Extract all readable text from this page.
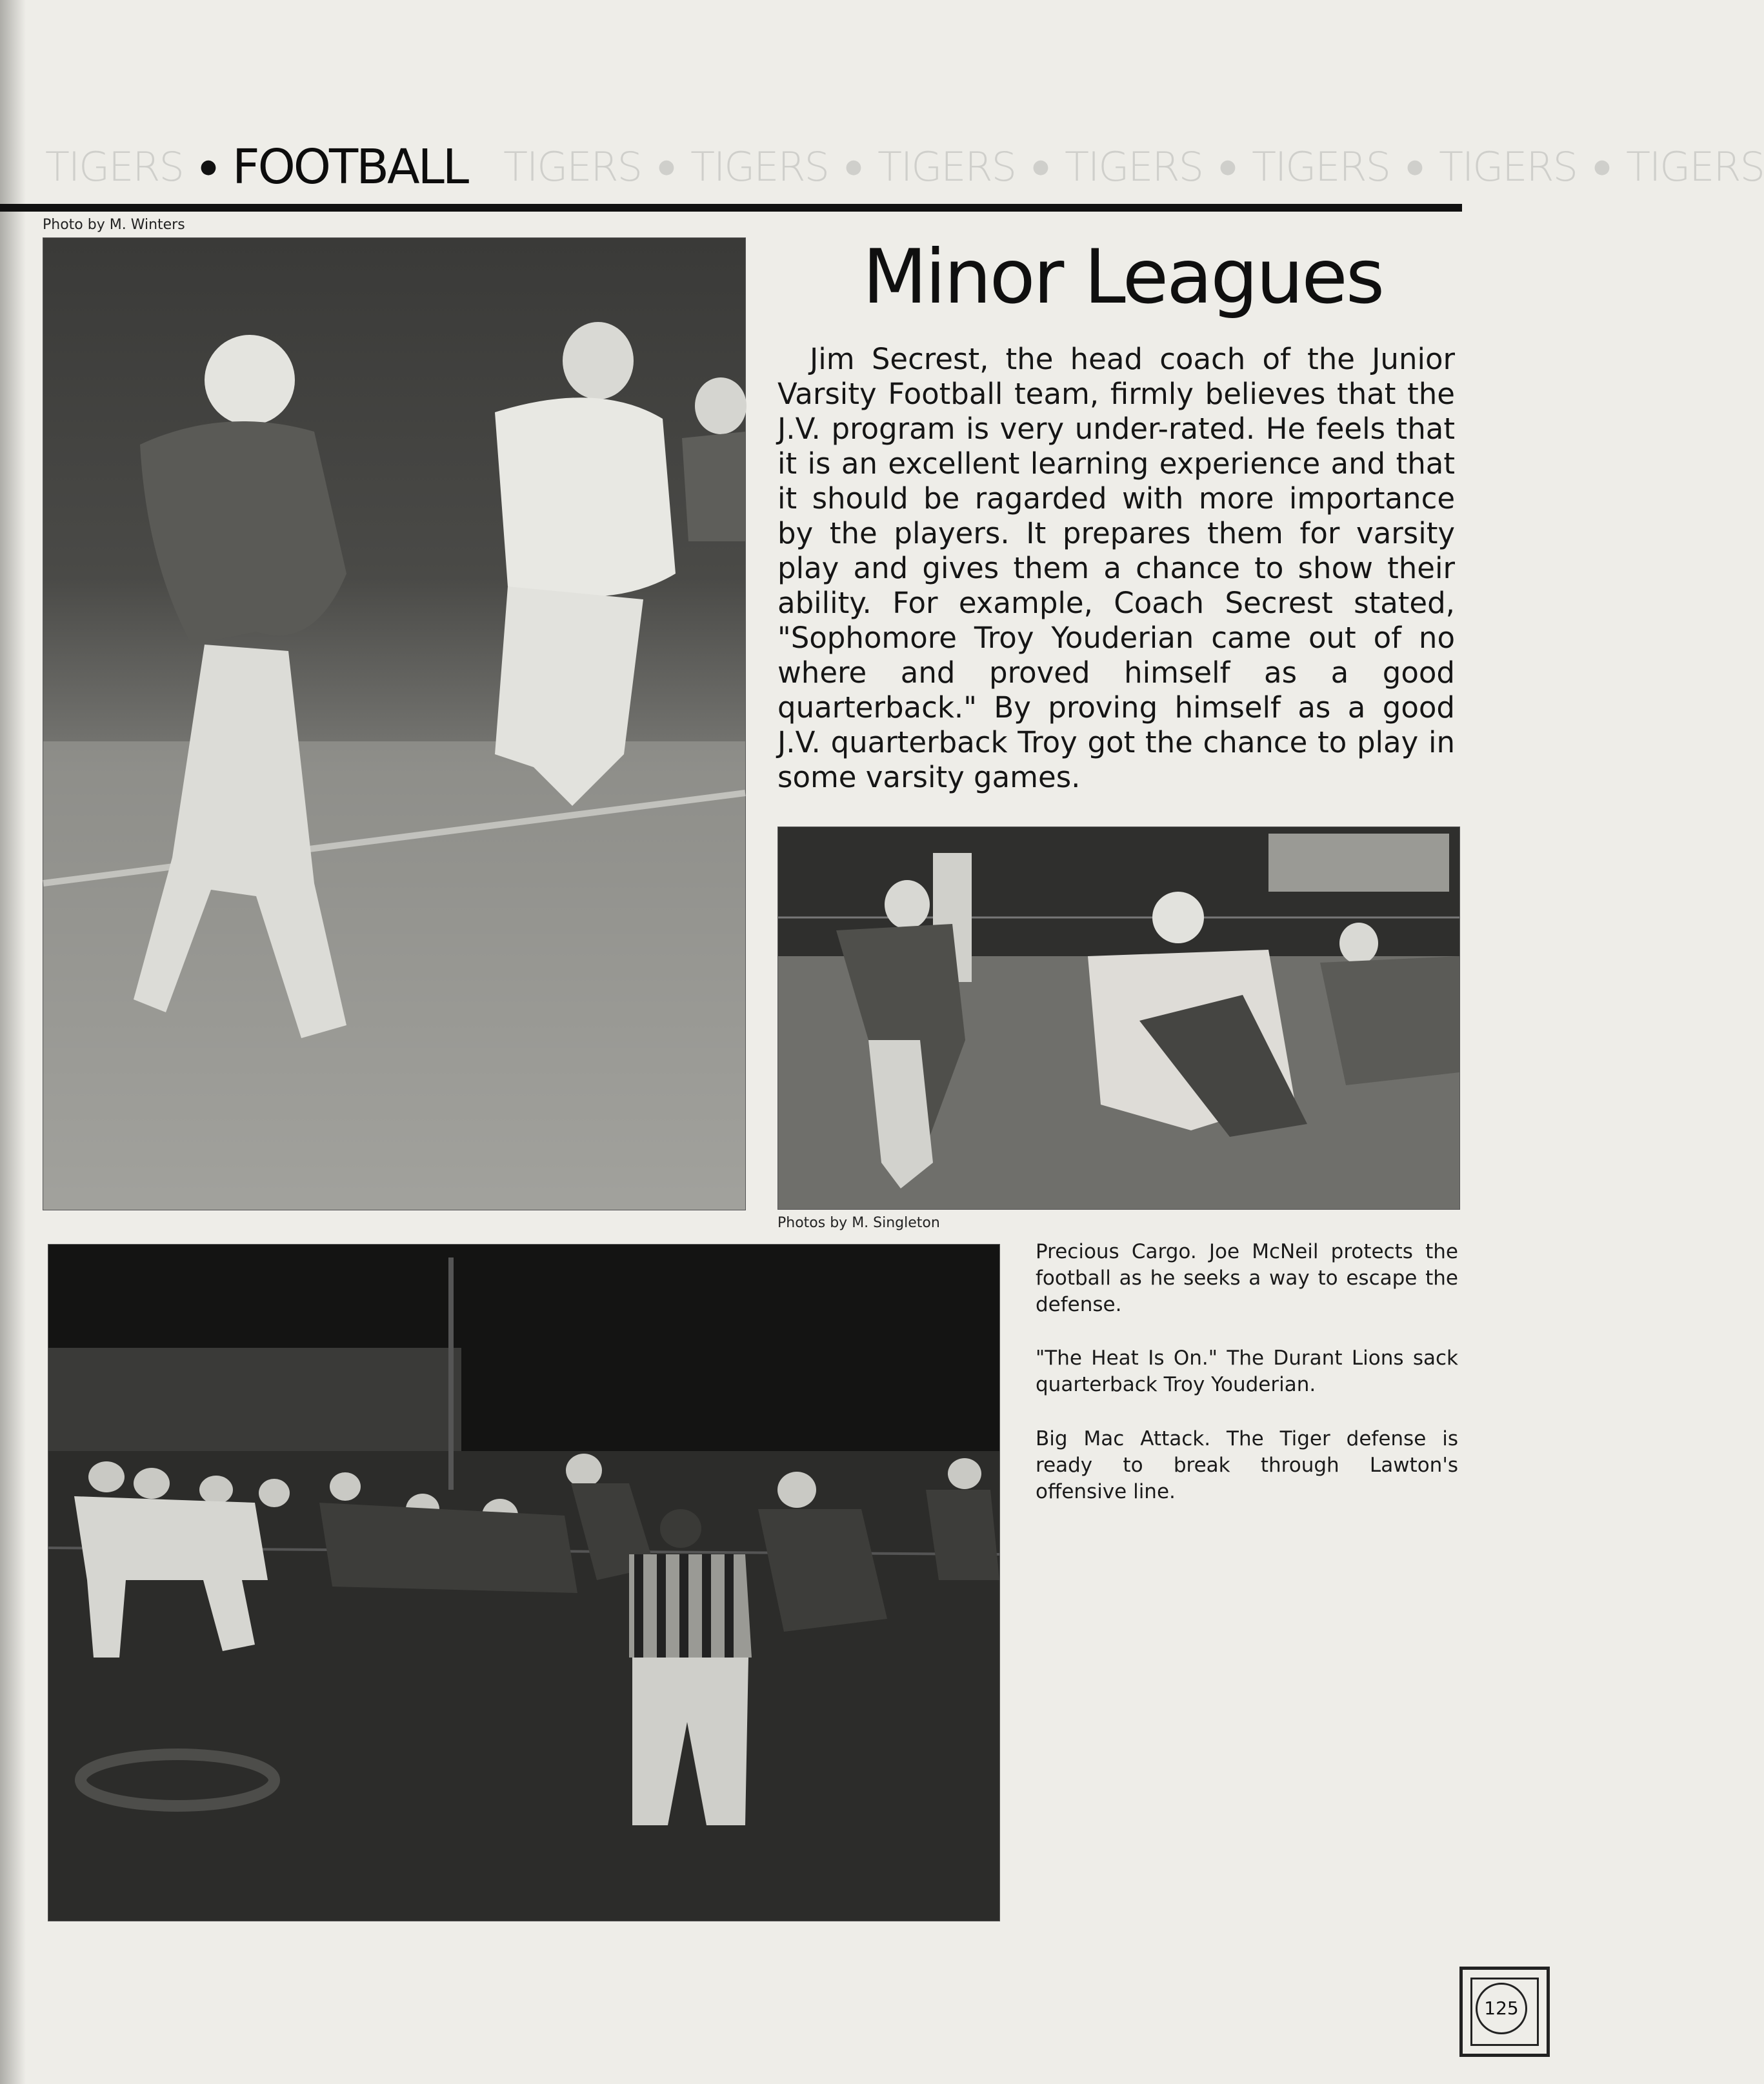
TIGERS ● FOOTBALL TIGERS ● TIGERS ● TIGERS ● TIGERS ● TIGERS ● TIGERS ● TIGERS
Photo by M. Winters
Minor Leagues

Jim Secrest, the head coach of the Junior Varsity Football team, firmly believes that the J.V. program is very under-rated. He feels that it is an excellent learning experience and that it should be ragarded with more importance by the players. It prepares them for varsity play and gives them a chance to show their ability. For example, Coach Secrest stated, "Sophomore Troy Youderian came out of no where and proved himself as a good quarterback." By proving himself as a good J.V. quarterback Troy got the chance to play in some varsity games.

Photos by M. Singleton

Precious Cargo. Joe McNeil protects the football as he seeks a way to escape the defense.

"The Heat Is On." The Durant Lions sack quarterback Troy Youderian.

Big Mac Attack. The Tiger defense is ready to break through Lawton's offensive line.

125
